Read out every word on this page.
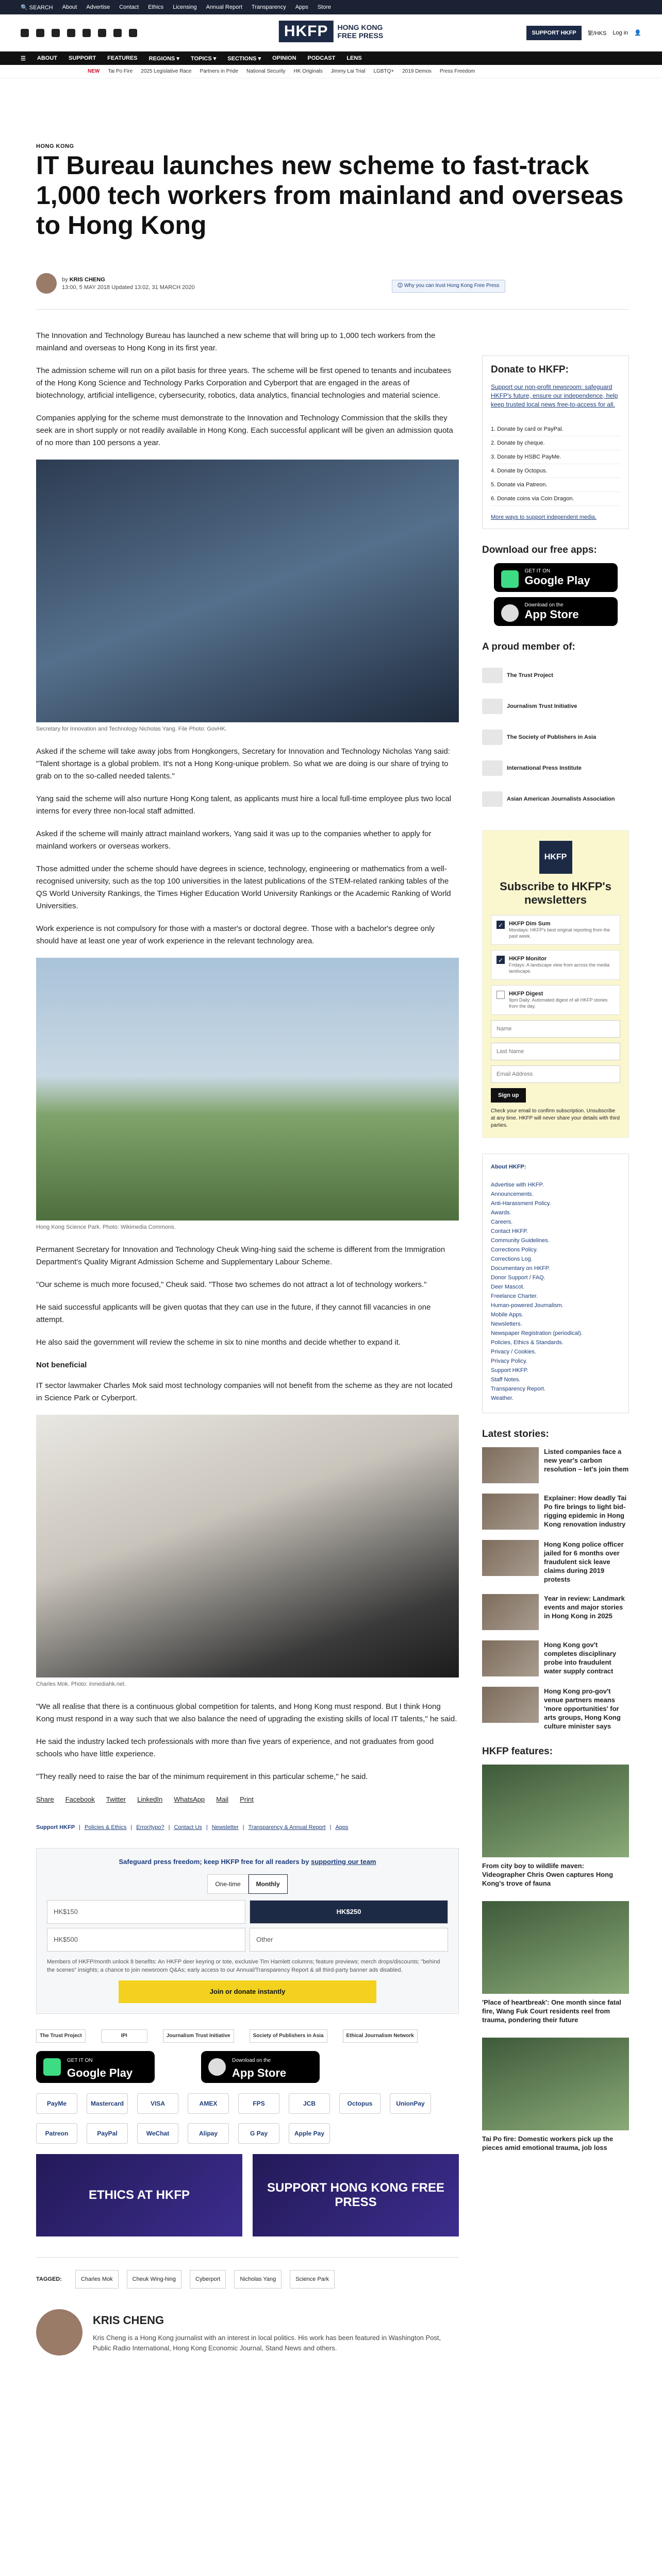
🔍 SEARCH About Advertise Contact Ethics Licensing Annual Report Transparency Apps Store
HKFP	HONG KONG
FREE PRESS	SUPPORT HKFP	繁/HKS Log in 👤
☰ ABOUT SUPPORT FEATURES REGIONS ▾ TOPICS ▾ SECTIONS ▾ OPINION PODCAST LENS
NEW Tai Po Fire 2025 Legislative Race Partners in Pride National Security HK Originals Jimmy Lai Trial LGBTQ+ 2019 Demos Press Freedom
HONG KONG
IT Bureau launches new scheme to fast-track 1,000 tech workers from mainland and overseas to Hong Kong
by KRIS CHENG
13:00, 5 MAY 2018 Updated 13:02, 31 MARCH 2020	🛈 Why you can trust Hong Kong Free Press

The Innovation and Technology Bureau has launched a new scheme that will bring up to 1,000 tech workers from the mainland and overseas to Hong Kong in its first year.

The admission scheme will run on a pilot basis for three years. The scheme will be first opened to tenants and incubatees of the Hong Kong Science and Technology Parks Corporation and Cyberport that are engaged in the areas of biotechnology, artificial intelligence, cybersecurity, robotics, data analytics, financial technologies and material science.

Companies applying for the scheme must demonstrate to the Innovation and Technology Commission that the skills they seek are in short supply or not readily available in Hong Kong. Each successful applicant will be given an admission quota of no more than 100 persons a year.

Secretary for Innovation and Technology Nicholas Yang. File Photo: GovHK.

Asked if the scheme will take away jobs from Hongkongers, Secretary for Innovation and Technology Nicholas Yang said: "Talent shortage is a global problem. It's not a Hong Kong-unique problem. So what we are doing is our share of trying to grab on to the so-called needed talents."

Yang said the scheme will also nurture Hong Kong talent, as applicants must hire a local full-time employee plus two local interns for every three non-local staff admitted.

Asked if the scheme will mainly attract mainland workers, Yang said it was up to the companies whether to apply for mainland workers or overseas workers.

Those admitted under the scheme should have degrees in science, technology, engineering or mathematics from a well-recognised university, such as the top 100 universities in the latest publications of the STEM-related ranking tables of the QS World University Rankings, the Times Higher Education World University Rankings or the Academic Ranking of World Universities.

Work experience is not compulsory for those with a master's or doctoral degree. Those with a bachelor's degree only should have at least one year of work experience in the relevant technology area.

Hong Kong Science Park. Photo: Wikimedia Commons.

Permanent Secretary for Innovation and Technology Cheuk Wing-hing said the scheme is different from the Immigration Department's Quality Migrant Admission Scheme and Supplementary Labour Scheme.

"Our scheme is much more focused," Cheuk said. "Those two schemes do not attract a lot of technology workers."

He said successful applicants will be given quotas that they can use in the future, if they cannot fill vacancies in one attempt.

He also said the government will review the scheme in six to nine months and decide whether to expand it.

Not beneficial

IT sector lawmaker Charles Mok said most technology companies will not benefit from the scheme as they are not located in Science Park or Cyberport.

Charles Mok. Photo: inmediahk.net.

"We all realise that there is a continuous global competition for talents, and Hong Kong must respond. But I think Hong Kong must respond in a way such that we also balance the need of upgrading the existing skills of local IT talents," he said.

He said the industry lacked tech professionals with more than five years of experience, and not graduates from good schools who have little experience.

"They really need to raise the bar of the minimum requirement in this particular scheme," he said.

Share Facebook Twitter LinkedIn WhatsApp Mail Print
Support HKFP | Policies & Ethics | Error/typo? | Contact Us | Newsletter | Transparency & Annual Report | Apps
Safeguard press freedom; keep HKFP free for all readers by supporting our team
One-time	Monthly
HK$150	HK$250
HK$500	Other
Members of HKFP/month unlock 8 benefits: An HKFP deer keyring or tote, exclusive Tim Hamlett columns; feature previews; merch drops/discounts; "behind the scenes" insights; a chance to join newsroom Q&As; early access to our Annual/Transparency Report & all third-party banner ads disabled.
Join or donate instantly
The Trust Project	IPI	Journalism Trust Initiative	Society of Publishers in Asia	Ethical Journalism Network
GET IT ON
Google Play
Download on the
App Store
PayMe	Mastercard	VISA	AMEX	FPS	JCB	Octopus	UnionPay
Patreon	PayPal	WeChat	Alipay	G Pay	Apple Pay
ETHICS AT HKFP
SUPPORT HONG KONG FREE PRESS
TAGGED:	Charles Mok	Cheuk Wing-hing	Cyberport	Nicholas Yang	Science Park
KRIS CHENG
Kris Cheng is a Hong Kong journalist with an interest in local politics. His work has been featured in Washington Post, Public Radio International, Hong Kong Economic Journal, Stand News and others.
Donate to HKFP:
Support our non-profit newsroom: safeguard HKFP's future, ensure our independence, help keep trusted local news free-to-access for all.
1. Donate by card or PayPal.
2. Donate by cheque.
3. Donate by HSBC PayMe.
4. Donate by Octopus.
5. Donate via Patreon.
6. Donate coins via Coin Dragon.
More ways to support independent media.
Download our free apps:
GET IT ON
Google Play
Download on the
App Store
A proud member of:
The Trust Project
Journalism Trust Initiative
The Society of Publishers in Asia
International Press Institute
Asian American Journalists Association
HKFP
Subscribe to HKFP's newsletters
✓ HKFP Dim Sum
Mondays: HKFP's best original reporting from the past week.
✓ HKFP Monitor
Fridays: A landscape view from across the media landscape.
HKFP Digest
9pm Daily: Automated digest of all HKFP stories from the day.
Name Last Name Email Address Sign up
Check your email to confirm subscription. Unsubscribe at any time. HKFP will never share your details with third parties.
About HKFP:
Advertise with HKFP.
Announcements.
Anti-Harassment Policy.
Awards.
Careers.
Contact HKFP.
Community Guidelines.
Corrections Policy.
Corrections Log.
Documentary on HKFP.
Donor Support / FAQ.
Deer Mascot.
Freelance Charter.
Human-powered Journalism.
Mobile Apps.
Newsletters.
Newspaper Registration (periodical).
Policies, Ethics & Standards.
Privacy / Cookies.
Privacy Policy.
Support HKFP.
Staff Notes.
Transparency Report.
Weather.
Latest stories:
Listed companies face a new year's carbon resolution – let's join them
Explainer: How deadly Tai Po fire brings to light bid-rigging epidemic in Hong Kong renovation industry
Hong Kong police officer jailed for 6 months over fraudulent sick leave claims during 2019 protests
Year in review: Landmark events and major stories in Hong Kong in 2025
Hong Kong gov't completes disciplinary probe into fraudulent water supply contract
Hong Kong pro-gov't venue partners means 'more opportunities' for arts groups, Hong Kong culture minister says
HKFP features:
From city boy to wildlife maven: Videographer Chris Owen captures Hong Kong's trove of fauna
'Place of heartbreak': One month since fatal fire, Wang Fuk Court residents reel from trauma, pondering their future
Tai Po fire: Domestic workers pick up the pieces amid emotional trauma, job loss
